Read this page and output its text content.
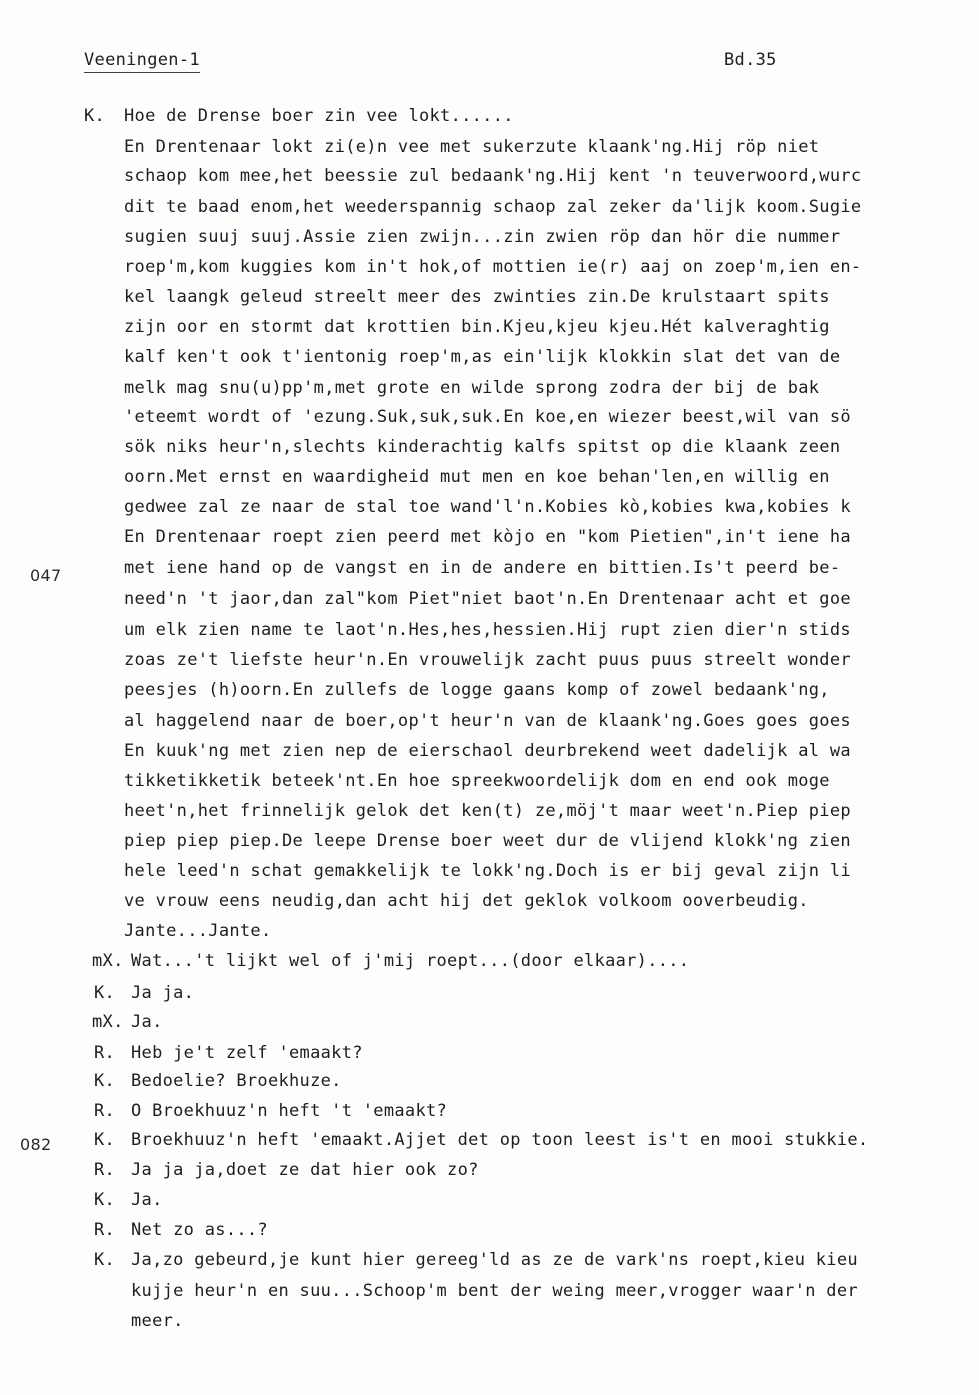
Veeningen-1	Bd.35
047
082
K. Hoe de Drense boer zin vee lokt......
En Drentenaar lokt zi(e)n vee met sukerzute klaank'ng.Hij röp niet
schaop kom mee,het beessie zul bedaank'ng.Hij kent 'n teuverwoord,wurc
dit te baad enom,het weederspannig schaop zal zeker da'lijk koom.Sugie
sugien suuj suuj.Assie zien zwijn...zin zwien röp dan hör die nummer
roep'm,kom kuggies kom in't hok,of mottien ie(r) aaj on zoep'm,ien en-
kel laangk geleud streelt meer des zwinties zin.De krulstaart spits
zijn oor en stormt dat krottien bin.Kjeu,kjeu kjeu.Hét kalveraghtig
kalf ken't ook t'ientonig roep'm,as ein'lijk klokkin slat det van de
melk mag snu(u)pp'm,met grote en wilde sprong zodra der bij de bak
'eteemt wordt of 'ezung.Suk,suk,suk.En koe,en wiezer beest,wil van sö
sök niks heur'n,slechts kinderachtig kalfs spitst op die klaank zeen
oorn.Met ernst en waardigheid mut men en koe behan'len,en willig en
gedwee zal ze naar de stal toe wand'l'n.Kobies kò,kobies kwa,kobies k
En Drentenaar roept zien peerd met kòjo en "kom Pietien",in't iene ha
met iene hand op de vangst en in de andere en bittien.Is't peerd be-
need'n 't jaor,dan zal"kom Piet"niet baot'n.En Drentenaar acht et goe
um elk zien name te laot'n.Hes,hes,hessien.Hij rupt zien dier'n stids
zoas ze't liefste heur'n.En vrouwelijk zacht puus puus streelt wonder
peesjes (h)oorn.En zullefs de logge gaans komp of zowel bedaank'ng,
al haggelend naar de boer,op't heur'n van de klaank'ng.Goes goes goes
En kuuk'ng met zien nep de eierschaol deurbrekend weet dadelijk al wa
tikketikketik beteek'nt.En hoe spreekwoordelijk dom en end ook moge
heet'n,het frinnelijk gelok det ken(t) ze,möj't maar weet'n.Piep piep
piep piep piep.De leepe Drense boer weet dur de vlijend klokk'ng zien
hele leed'n schat gemakkelijk te lokk'ng.Doch is er bij geval zijn li
ve vrouw eens neudig,dan acht hij det geklok volkoom ooverbeudig.
Jante...Jante.
mX. Wat...'t lijkt wel of j'mij roept...(door elkaar)....
K. Ja ja.
mX. Ja.
R. Heb je't zelf 'emaakt?
K. Bedoelie? Broekhuze.
R. O Broekhuuz'n heft 't 'emaakt?
K. Broekhuuz'n heft 'emaakt.Ajjet det op toon leest is't en mooi stukkie.
R. Ja ja ja,doet ze dat hier ook zo?
K. Ja.
R. Net zo as...?
K. Ja,zo gebeurd,je kunt hier gereeg'ld as ze de vark'ns roept,kieu kieu
kujje heur'n en suu...Schoop'm bent der weing meer,vrogger waar'n der
meer.
